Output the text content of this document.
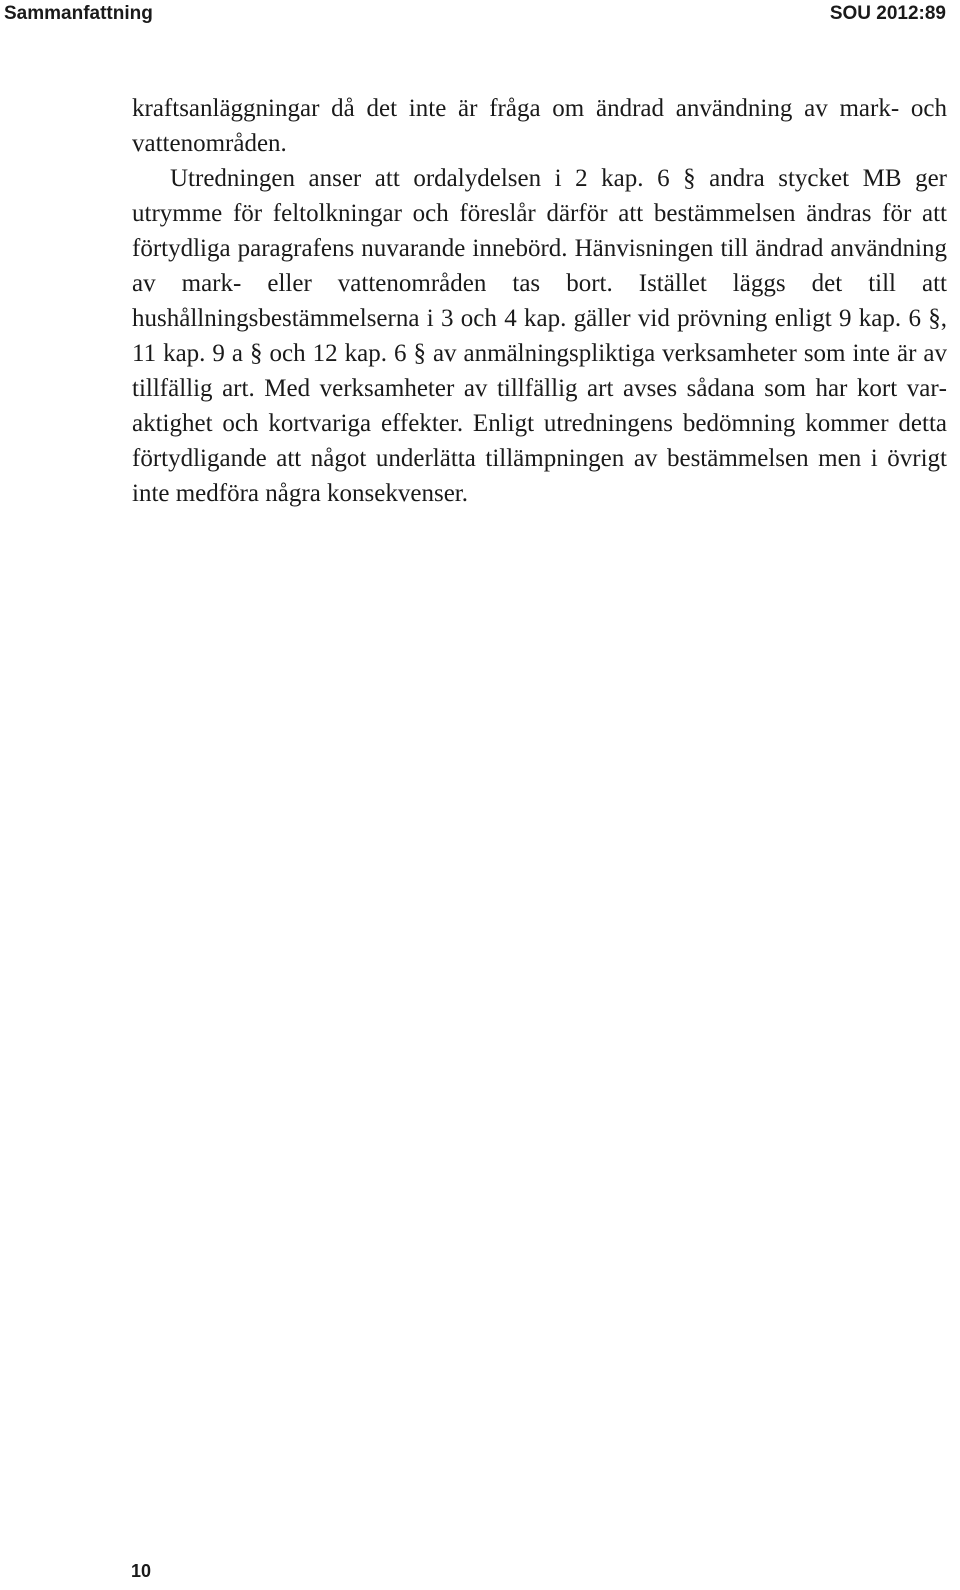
Sammanfattning	SOU 2012:89

kraftsanläggningar då det inte är fråga om ändrad användning av mark- och vattenområden.

Utredningen anser att ordalydelsen i 2 kap. 6 § andra stycket MB ger utrymme för feltolkningar och föreslår därför att bestämmelsen ändras för att förtydliga paragrafens nuvarande innebörd. Hänvisningen till ändrad användning av mark- eller vattenområden tas bort. Istället läggs det till att hushållningsbestämmelserna i 3 och 4 kap. gäller vid prövning enligt 9 kap. 6 §, 11 kap. 9 a § och 12 kap. 6 § av anmälningspliktiga verksamheter som inte är av tillfällig art. Med verksamheter av tillfällig art avses sådana som har kort varaktighet och kortvariga effekter. Enligt utredningens bedömning kommer detta förtydligande att något underlätta tillämpningen av bestämmelsen men i övrigt inte medföra några konsekvenser.

10
